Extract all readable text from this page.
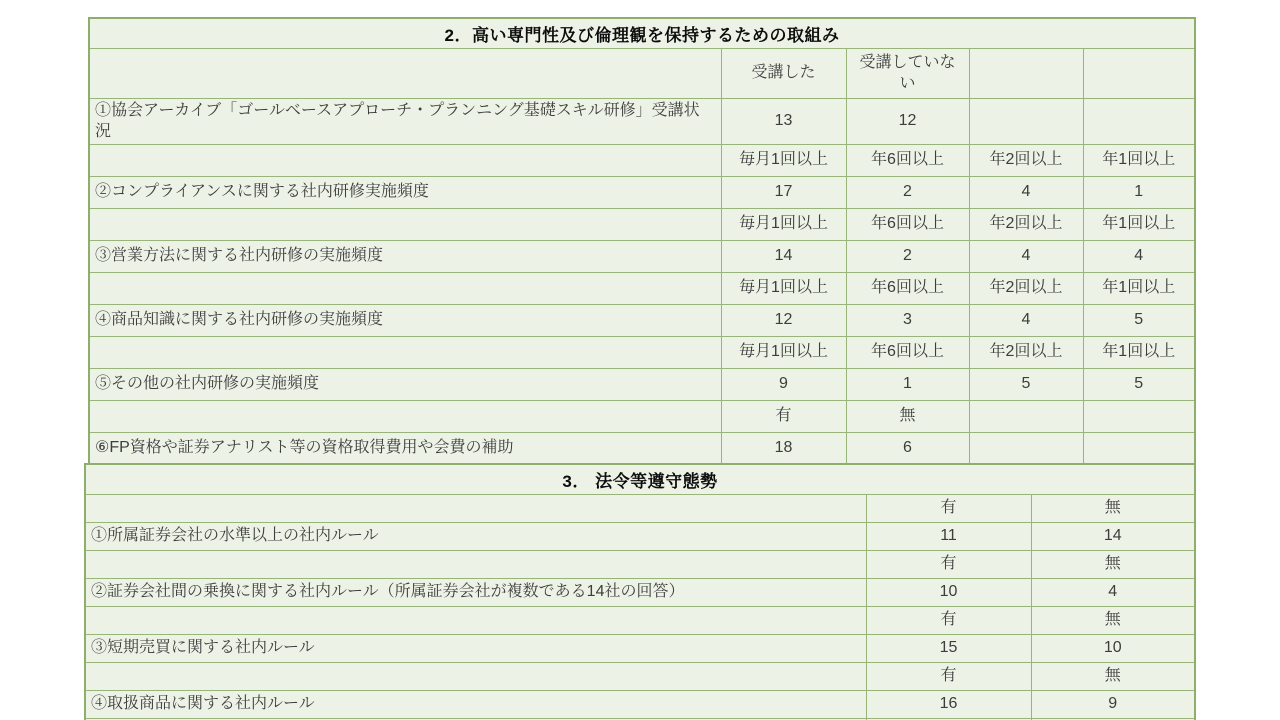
2．高い専門性及び倫理観を保持するための取組み				
	受講した	受講していない		
①協会アーカイブ「ゴールベースアプローチ・プランニング基礎スキル研修」受講状況	13	12		
	毎月1回以上	年6回以上	年2回以上	年1回以上
②コンプライアンスに関する社内研修実施頻度	17	2	4	1
	毎月1回以上	年6回以上	年2回以上	年1回以上
③営業方法に関する社内研修の実施頻度	14	2	4	4
	毎月1回以上	年6回以上	年2回以上	年1回以上
④商品知識に関する社内研修の実施頻度	12	3	4	5
	毎月1回以上	年6回以上	年2回以上	年1回以上
⑤その他の社内研修の実施頻度	9	1	5	5
	有	無		
⑥FP資格や証券アナリスト等の資格取得費用や会費の補助	18	6		
3． 法令等遵守態勢		
	有	無
①所属証券会社の水準以上の社内ルール	11	14
	有	無
②証券会社間の乗換に関する社内ルール（所属証券会社が複数である14社の回答）	10	4
	有	無
③短期売買に関する社内ルール	15	10
	有	無
④取扱商品に関する社内ルール	16	9
